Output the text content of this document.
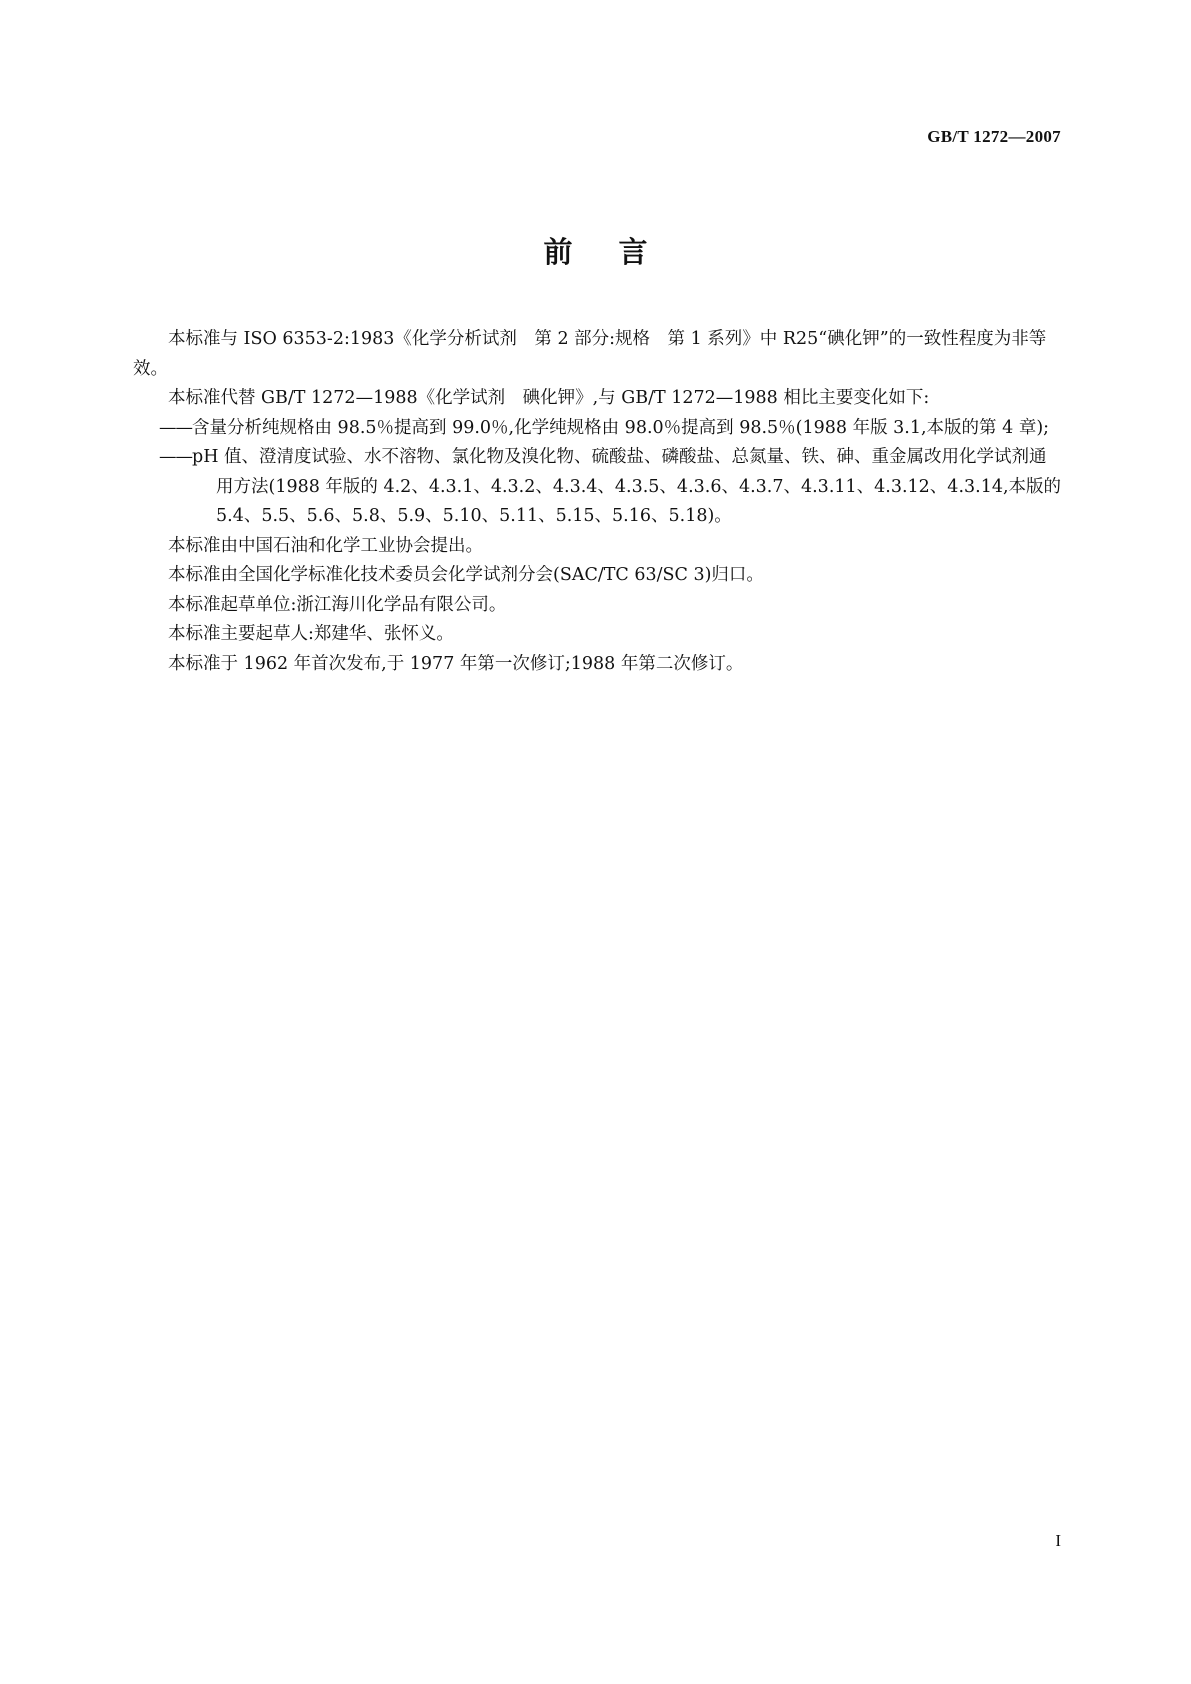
GB/T 1272—2007
前言

本标准与 ISO 6353-2:1983《化学分析试剂　第 2 部分:规格　第 1 系列》中 R25“碘化钾”的一致性程度为非等效。

本标准代替 GB/T 1272—1988《化学试剂　碘化钾》,与 GB/T 1272—1988 相比主要变化如下:

——含量分析纯规格由 98.5％提高到 99.0％,化学纯规格由 98.0％提高到 98.5％(1988 年版 3.1,本版的第 4 章);

——pH 值、澄清度试验、水不溶物、氯化物及溴化物、硫酸盐、磷酸盐、总氮量、铁、砷、重金属改用化学试剂通用方法(1988 年版的 4.2、4.3.1、4.3.2、4.3.4、4.3.5、4.3.6、4.3.7、4.3.11、4.3.12、4.3.14,本版的 5.4、5.5、5.6、5.8、5.9、5.10、5.11、5.15、5.16、5.18)。

本标准由中国石油和化学工业协会提出。

本标准由全国化学标准化技术委员会化学试剂分会(SAC/TC 63/SC 3)归口。

本标准起草单位:浙江海川化学品有限公司。

本标准主要起草人:郑建华、张怀义。

本标准于 1962 年首次发布,于 1977 年第一次修订;1988 年第二次修订。

I
